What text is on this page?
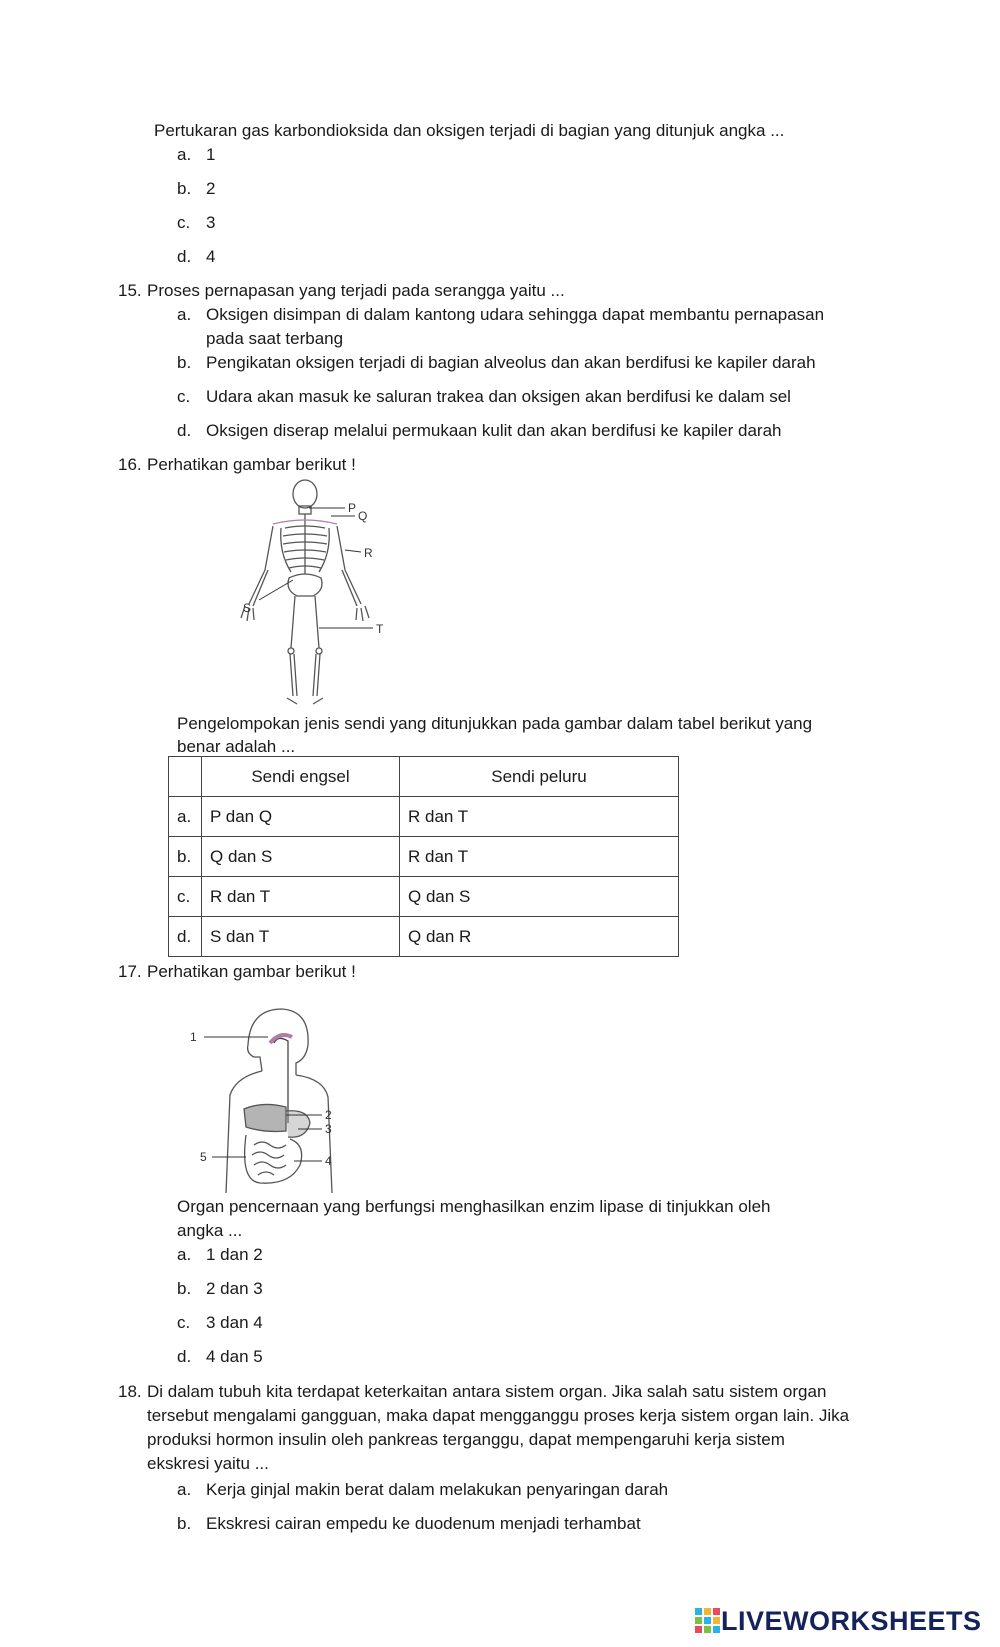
Pertukaran gas karbondioksida dan oksigen terjadi di bagian yang ditunjuk angka ...
a. 1
b. 2
c. 3
d. 4
15. Proses pernapasan yang terjadi pada serangga yaitu ...
a. Oksigen disimpan di dalam kantong udara sehingga dapat membantu pernapasan
pada saat terbang
b. Pengikatan oksigen terjadi di bagian alveolus dan akan berdifusi ke kapiler darah
c. Udara akan masuk ke saluran trakea dan oksigen akan berdifusi ke dalam sel
d. Oksigen diserap melalui permukaan kulit dan akan berdifusi ke kapiler darah
16. Perhatikan gambar berikut !
P
Q
R
S
T
Pengelompokan jenis sendi yang ditunjukkan pada gambar dalam tabel berikut yang
benar adalah ...
	Sendi engsel	Sendi peluru
a.	P dan Q	R dan T
b.	Q dan S	R dan T
c.	R dan T	Q dan S
d.	S dan T	Q dan R
17. Perhatikan gambar berikut !
1
2
3
4
5
Organ pencernaan yang berfungsi menghasilkan enzim lipase di tinjukkan oleh
angka ...
a. 1 dan 2
b. 2 dan 3
c. 3 dan 4
d. 4 dan 5
18. Di dalam tubuh kita terdapat keterkaitan antara sistem organ. Jika salah satu sistem organ
tersebut mengalami gangguan, maka dapat mengganggu proses kerja sistem organ lain. Jika
produksi hormon insulin oleh pankreas terganggu, dapat mempengaruhi kerja sistem
ekskresi yaitu ...
a. Kerja ginjal makin berat dalam melakukan penyaringan darah
b. Ekskresi cairan empedu ke duodenum menjadi terhambat
LIVEWORKSHEETS
